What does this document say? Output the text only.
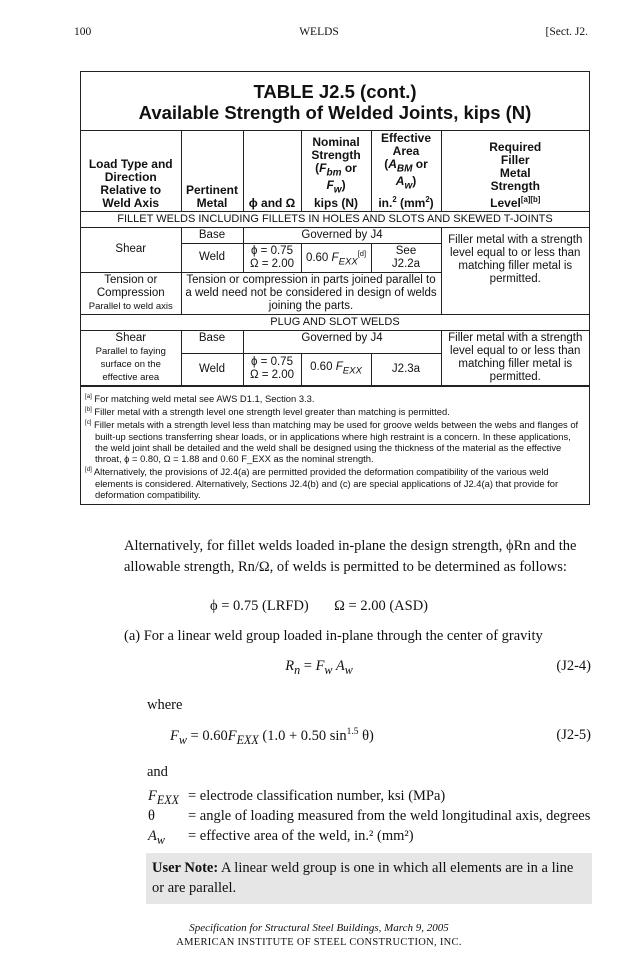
100	WELDS	[Sect. J2.
TABLE J2.5 (cont.)
Available Strength of Welded Joints, kips (N)
Load Type and
Direction
Relative to
Weld Axis	Pertinent
Metal	ϕ and Ω	Nominal
Strength
($F_{bm}$ or $F_w$)
kips (N)	Effective
Area
($A_{BM}$ or
$A_w$)
in.$^2$ $(mm^2)$	Required
Filler
Metal
Strength
Level[a][b]
FILLET WELDS INCLUDING FILLETS IN HOLES AND SLOTS AND SKEWED T-JOINTS					
Shear	Base	Governed by J4			Filler metal with a strength level equal to or less than matching filler metal is permitted.
	Weld	ϕ = 0.75
Ω = 2.00	0.60 $F_{EXX}[d]$	See
J2.2a	
Tension or Compression
Parallel to weld axis	Tension or compression in parts joined parallel to a weld need not be considered in design of welds joining the parts.				
PLUG AND SLOT WELDS					
Shear
Parallel to faying surface on the effective area	Base	Governed by J4			Filler metal with a strength level equal to or less than matching filler metal is permitted.
	Weld	ϕ = 0.75
Ω = 2.00	0.60 $F_{EXX}$	J2.3a	
[a] For matching weld metal see AWS D1.1, Section 3.3.
[b] Filler metal with a strength level one strength level greater than matching is permitted.
[c] Filler metals with a strength level less than matching may be used for groove welds between the webs and flanges of built-up sections transferring shear loads, or in applications where high restraint is a concern. In these applications, the weld joint shall be detailed and the weld shall be designed using the thickness of the material as the effective throat, ϕ = 0.80, Ω = 1.88 and 0.60 F_EXX as the nominal strength.
[d] Alternatively, the provisions of J2.4(a) are permitted provided the deformation compatibility of the various weld elements is considered. Alternatively, Sections J2.4(b) and (c) are special applications of J2.4(a) that provide for deformation compatibility.
Alternatively, for fillet welds loaded in-plane the design strength, ϕRn and the allowable strength, Rn/Ω, of welds is permitted to be determined as follows:
ϕ = 0.75 (LRFD) Ω = 2.00 (ASD)
(a) For a linear weld group loaded in-plane through the center of gravity
$R_n = F_w$ $A_w$	(J2-4)
where
$F_w = 0.60F_{EXX}$ (1.0 + 0.50 $\sin^{1.5} \theta$)	(J2-5)
and
$F_{EXX}$ = electrode classification number, ksi (MPa)
θ = angle of loading measured from the weld longitudinal axis, degrees
$A_w$ = effective area of the weld, in.² (mm²)
User Note: A linear weld group is one in which all elements are in a line or are parallel.
Specification for Structural Steel Buildings, March 9, 2005
AMERICAN INSTITUTE OF STEEL CONSTRUCTION, INC.
